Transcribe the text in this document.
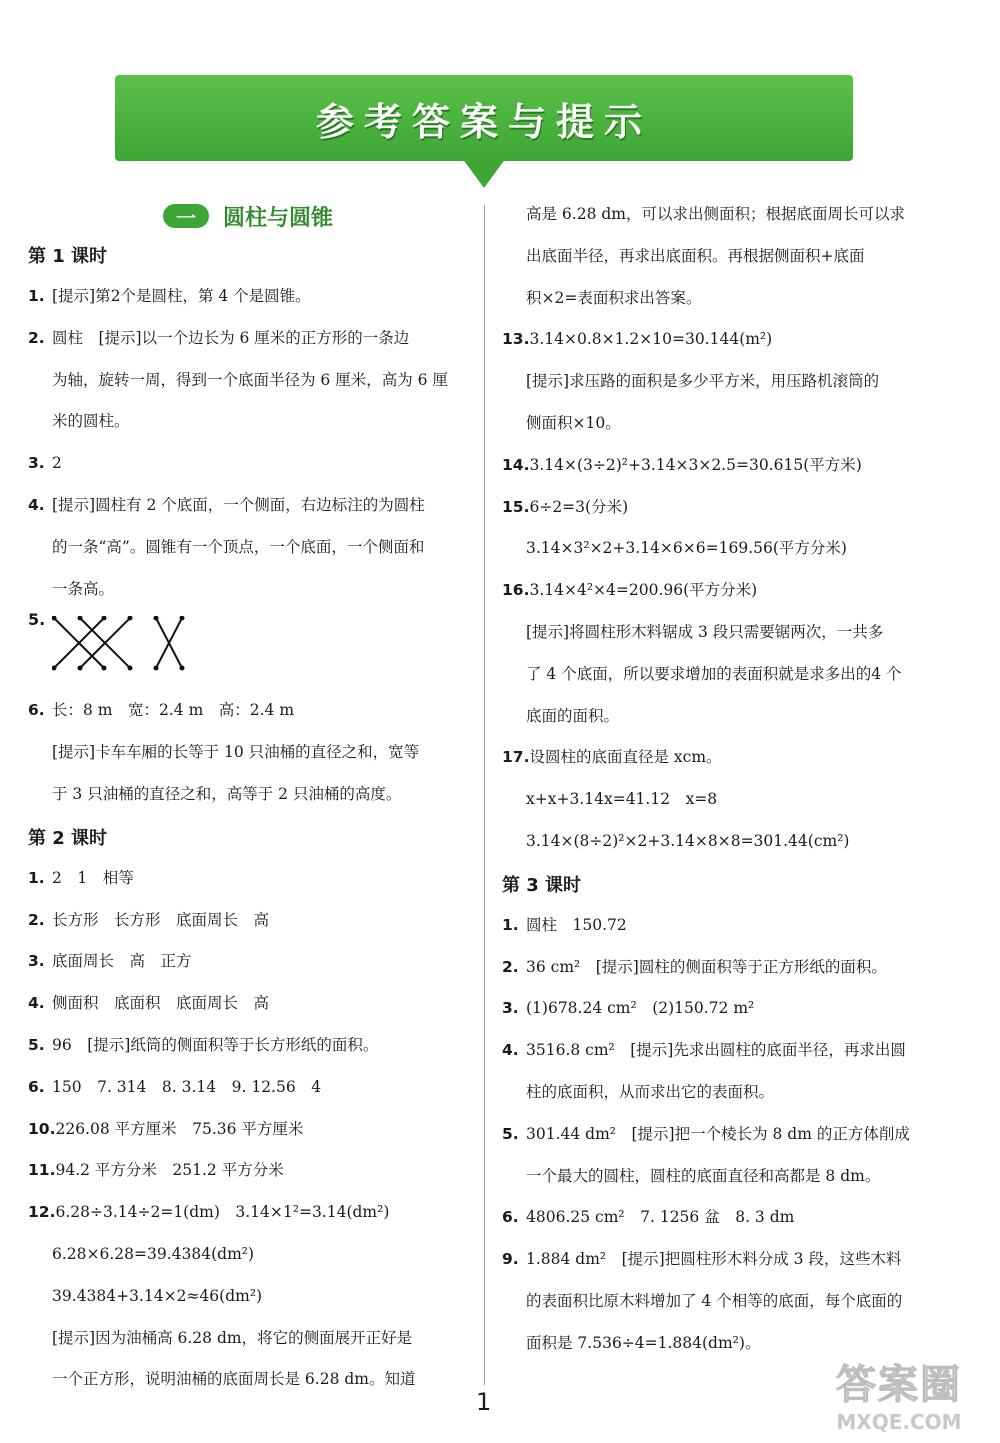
参考答案与提示
一	圆柱与圆锥
第 1 课时
1. [提示]第2个是圆柱，第 4 个是圆锥。
2. 圆柱　[提示]以一个边长为 6 厘米的正方形的一条边
为轴，旋转一周，得到一个底面半径为 6 厘米，高为 6 厘
米的圆柱。
3. 2
4. [提示]圆柱有 2 个底面，一个侧面，右边标注的为圆柱
的一条“高”。圆锥有一个顶点，一个底面，一个侧面和
一条高。
5.
6. 长：8 m　宽：2.4 m　高：2.4 m
[提示]卡车车厢的长等于 10 只油桶的直径之和，宽等
于 3 只油桶的直径之和，高等于 2 只油桶的高度。
第 2 课时
1. 2　1　相等
2. 长方形　长方形　底面周长　高
3. 底面周长　高　正方
4. 侧面积　底面积　底面周长　高
5. 96　[提示]纸筒的侧面积等于长方形纸的面积。
6. 150　7. 314　8. 3.14　9. 12.56　4
10.226.08 平方厘米　75.36 平方厘米
11.94.2 平方分米　251.2 平方分米
12.6.28÷3.14÷2=1(dm)　3.14×1²=3.14(dm²)
6.28×6.28=39.4384(dm²)
39.4384+3.14×2≈46(dm²)
[提示]因为油桶高 6.28 dm，将它的侧面展开正好是
一个正方形，说明油桶的底面周长是 6.28 dm。知道
高是 6.28 dm，可以求出侧面积；根据底面周长可以求
出底面半径，再求出底面积。再根据侧面积+底面
积×2=表面积求出答案。
13.3.14×0.8×1.2×10=30.144(m²)
[提示]求压路的面积是多少平方米，用压路机滚筒的
侧面积×10。
14.3.14×(3÷2)²+3.14×3×2.5=30.615(平方米)
15.6÷2=3(分米)
3.14×3²×2+3.14×6×6=169.56(平方分米)
16.3.14×4²×4=200.96(平方分米)
[提示]将圆柱形木料锯成 3 段只需要锯两次，一共多
了 4 个底面，所以要求增加的表面积就是求多出的4 个
底面的面积。
17.设圆柱的底面直径是 xcm。
x+x+3.14x=41.12　x=8
3.14×(8÷2)²×2+3.14×8×8=301.44(cm²)
第 3 课时
1. 圆柱　150.72
2. 36 cm²　[提示]圆柱的侧面积等于正方形纸的面积。
3. (1)678.24 cm²　(2)150.72 m²
4. 3516.8 cm²　[提示]先求出圆柱的底面半径，再求出圆
柱的底面积，从而求出它的表面积。
5. 301.44 dm²　[提示]把一个棱长为 8 dm 的正方体削成
一个最大的圆柱，圆柱的底面直径和高都是 8 dm。
6. 4806.25 cm²　7. 1256 盆　8. 3 dm
9. 1.884 dm²　[提示]把圆柱形木料分成 3 段，这些木料
的表面积比原木料增加了 4 个相等的底面，每个底面的
面积是 7.536÷4=1.884(dm²)。
1	答案圈
MXQE.COM
